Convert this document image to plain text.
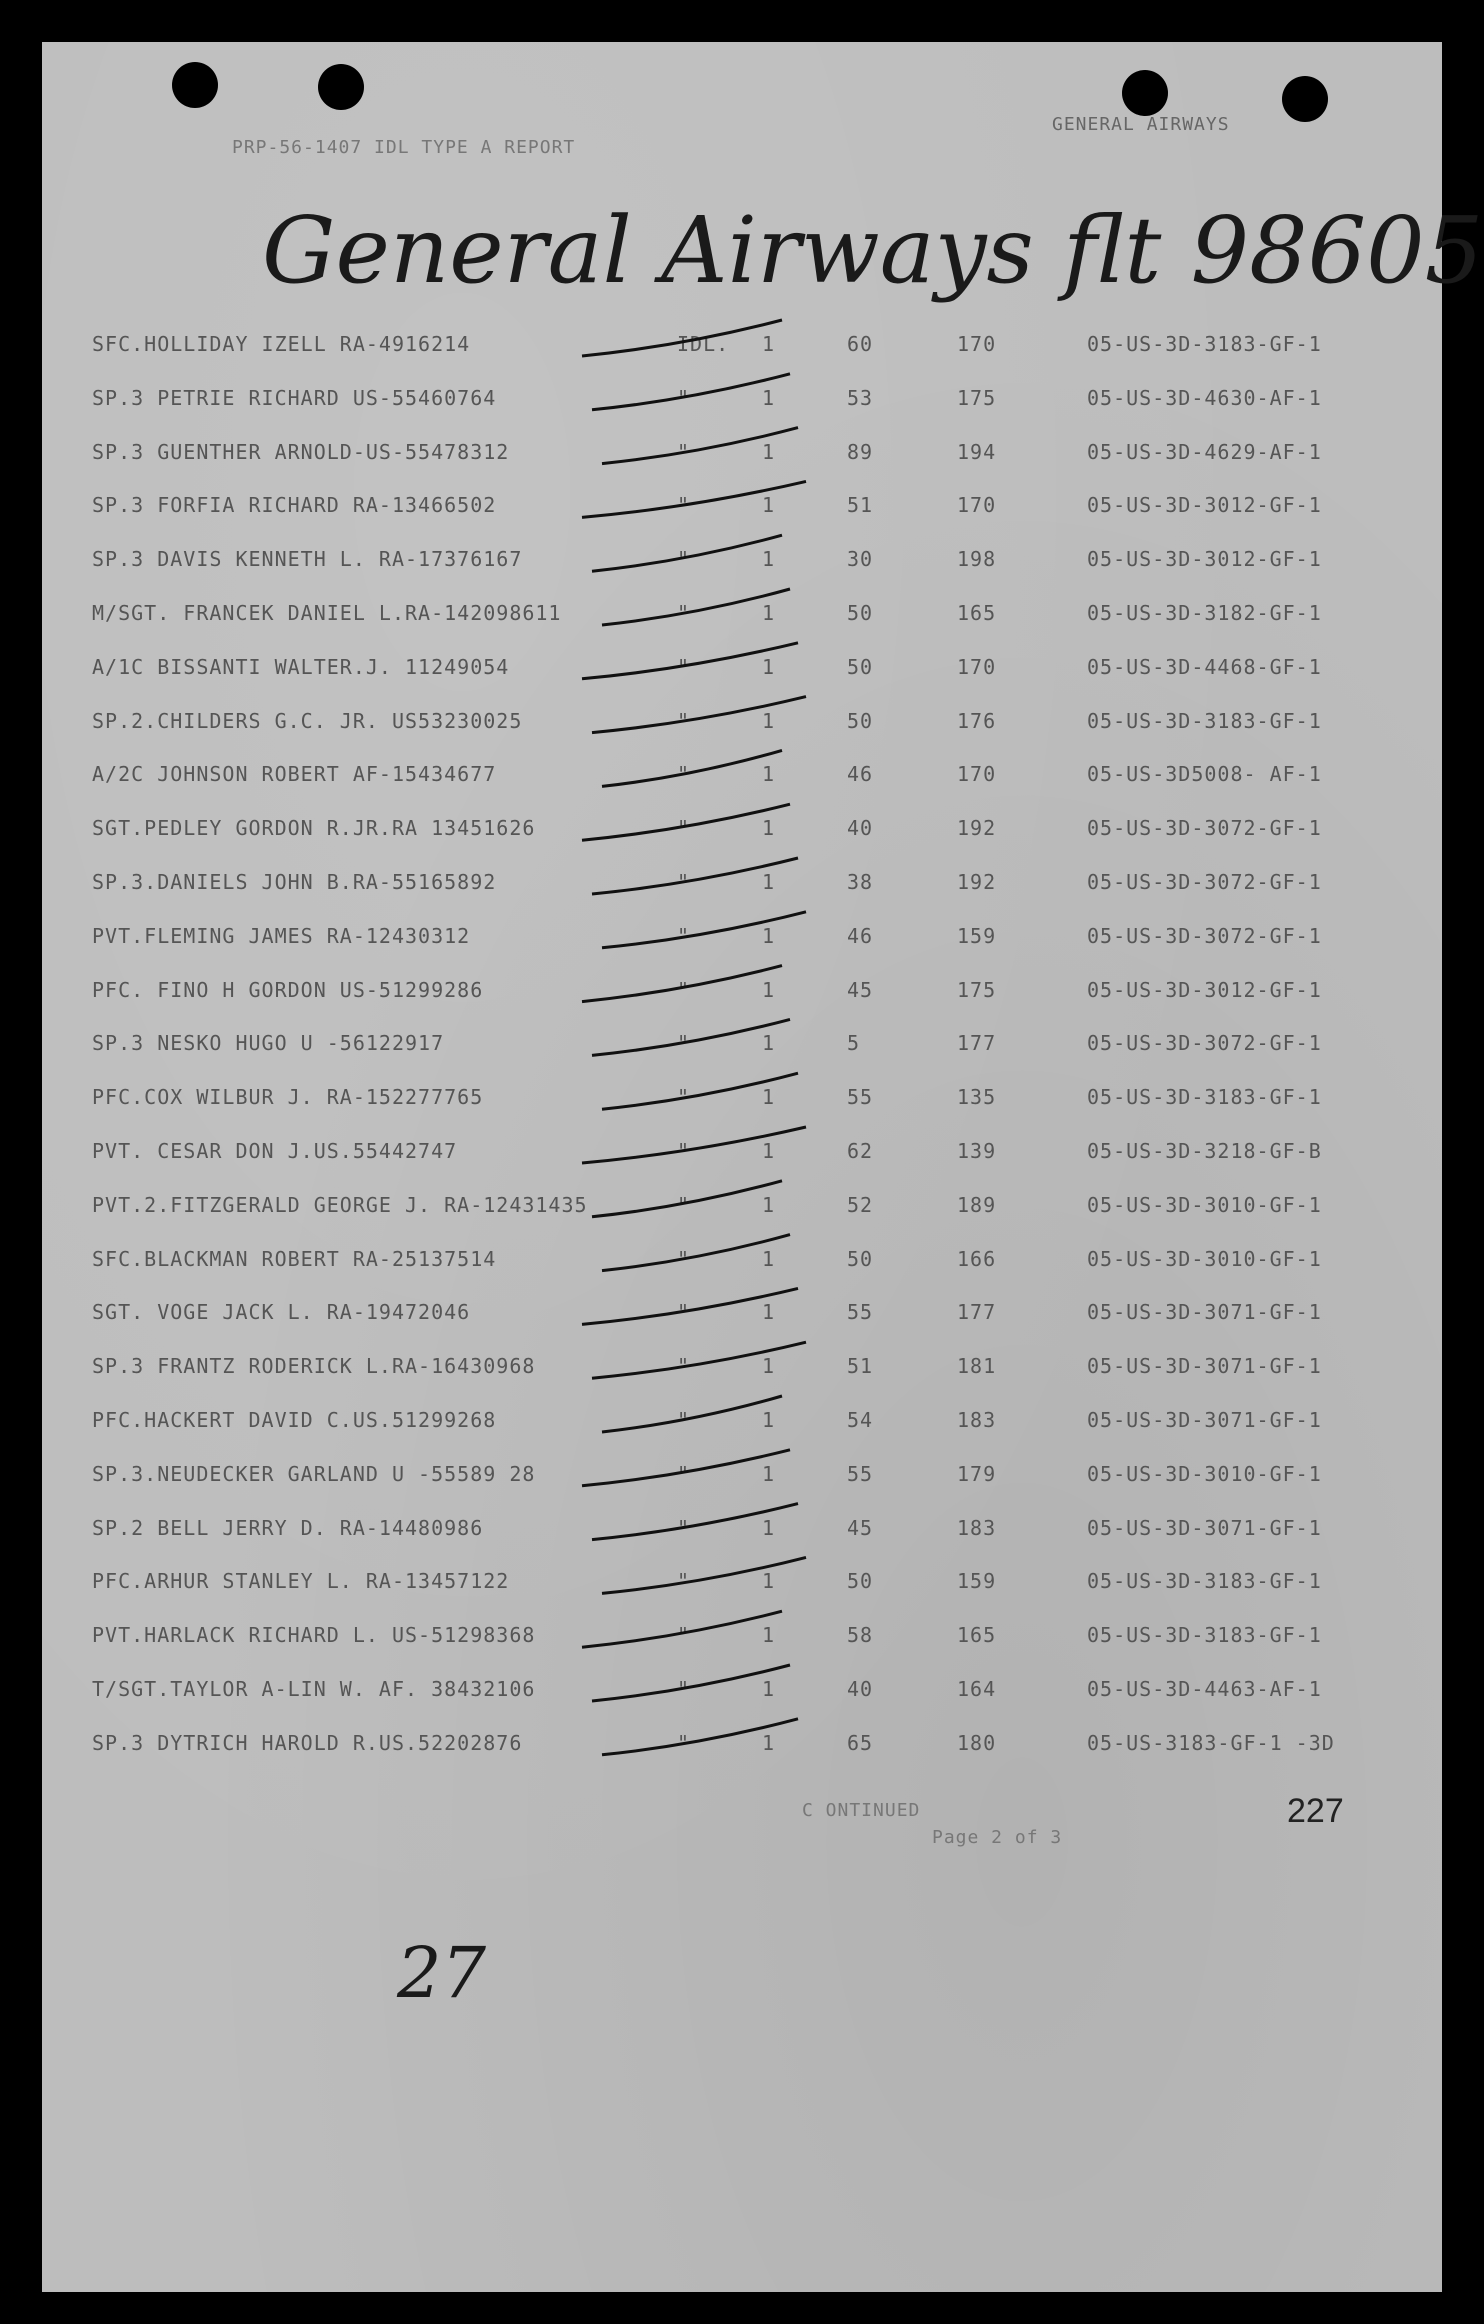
PRP-56-1407 IDL TYPE A REPORT
GENERAL AIRWAYS
General Airways flt 98605
SFC.HOLLIDAY IZELL RA-4916214	IDL. 1	60	170	05-US-3D-3183-GF-1
SP.3 PETRIE RICHARD US-55460764	"	1	53	175	05-US-3D-4630-AF-1
SP.3 GUENTHER ARNOLD-US-55478312	"	1	89	194	05-US-3D-4629-AF-1
SP.3 FORFIA RICHARD RA-13466502	"	1	51	170	05-US-3D-3012-GF-1
SP.3 DAVIS KENNETH L. RA-17376167	"	1	30	198	05-US-3D-3012-GF-1
M/SGT. FRANCEK DANIEL L.RA-142098611	"	1	50	165	05-US-3D-3182-GF-1
A/1C BISSANTI WALTER.J. 11249054	"	1	50	170	05-US-3D-4468-GF-1
SP.2.CHILDERS G.C. JR. US53230025	"	1	50	176	05-US-3D-3183-GF-1
A/2C JOHNSON ROBERT AF-15434677	"	1	46	170	05-US-3D5008- AF-1
SGT.PEDLEY GORDON R.JR.RA 13451626	"	1	40	192	05-US-3D-3072-GF-1
SP.3.DANIELS JOHN B.RA-55165892	"	1	38	192	05-US-3D-3072-GF-1
PVT.FLEMING JAMES RA-12430312	"	1	46	159	05-US-3D-3072-GF-1
PFC. FINO H GORDON US-51299286	"	1	45	175	05-US-3D-3012-GF-1
SP.3 NESKO HUGO U -56122917	"	1	5	177	05-US-3D-3072-GF-1
PFC.COX WILBUR J. RA-152277765	"	1	55	135	05-US-3D-3183-GF-1
PVT. CESAR DON J.US.55442747	"	1	62	139	05-US-3D-3218-GF-B
PVT.2.FITZGERALD GEORGE J. RA-12431435	"	1	52	189	05-US-3D-3010-GF-1
SFC.BLACKMAN ROBERT RA-25137514	"	1	50	166	05-US-3D-3010-GF-1
SGT. VOGE JACK L. RA-19472046	"	1	55	177	05-US-3D-3071-GF-1
SP.3 FRANTZ RODERICK L.RA-16430968	"	1	51	181	05-US-3D-3071-GF-1
PFC.HACKERT DAVID C.US.51299268	"	1	54	183	05-US-3D-3071-GF-1
SP.3.NEUDECKER GARLAND U -55589 28	"	1	55	179	05-US-3D-3010-GF-1
SP.2 BELL JERRY D. RA-14480986	"	1	45	183	05-US-3D-3071-GF-1
PFC.ARHUR STANLEY L. RA-13457122	"	1	50	159	05-US-3D-3183-GF-1
PVT.HARLACK RICHARD L. US-51298368	"	1	58	165	05-US-3D-3183-GF-1
T/SGT.TAYLOR A-LIN W. AF. 38432106	"	1	40	164	05-US-3D-4463-AF-1
SP.3 DYTRICH HAROLD R.US.52202876	"	1	65	180	05-US-3183-GF-1 -3D
C ONTINUED
Page 2 of 3
227
27
